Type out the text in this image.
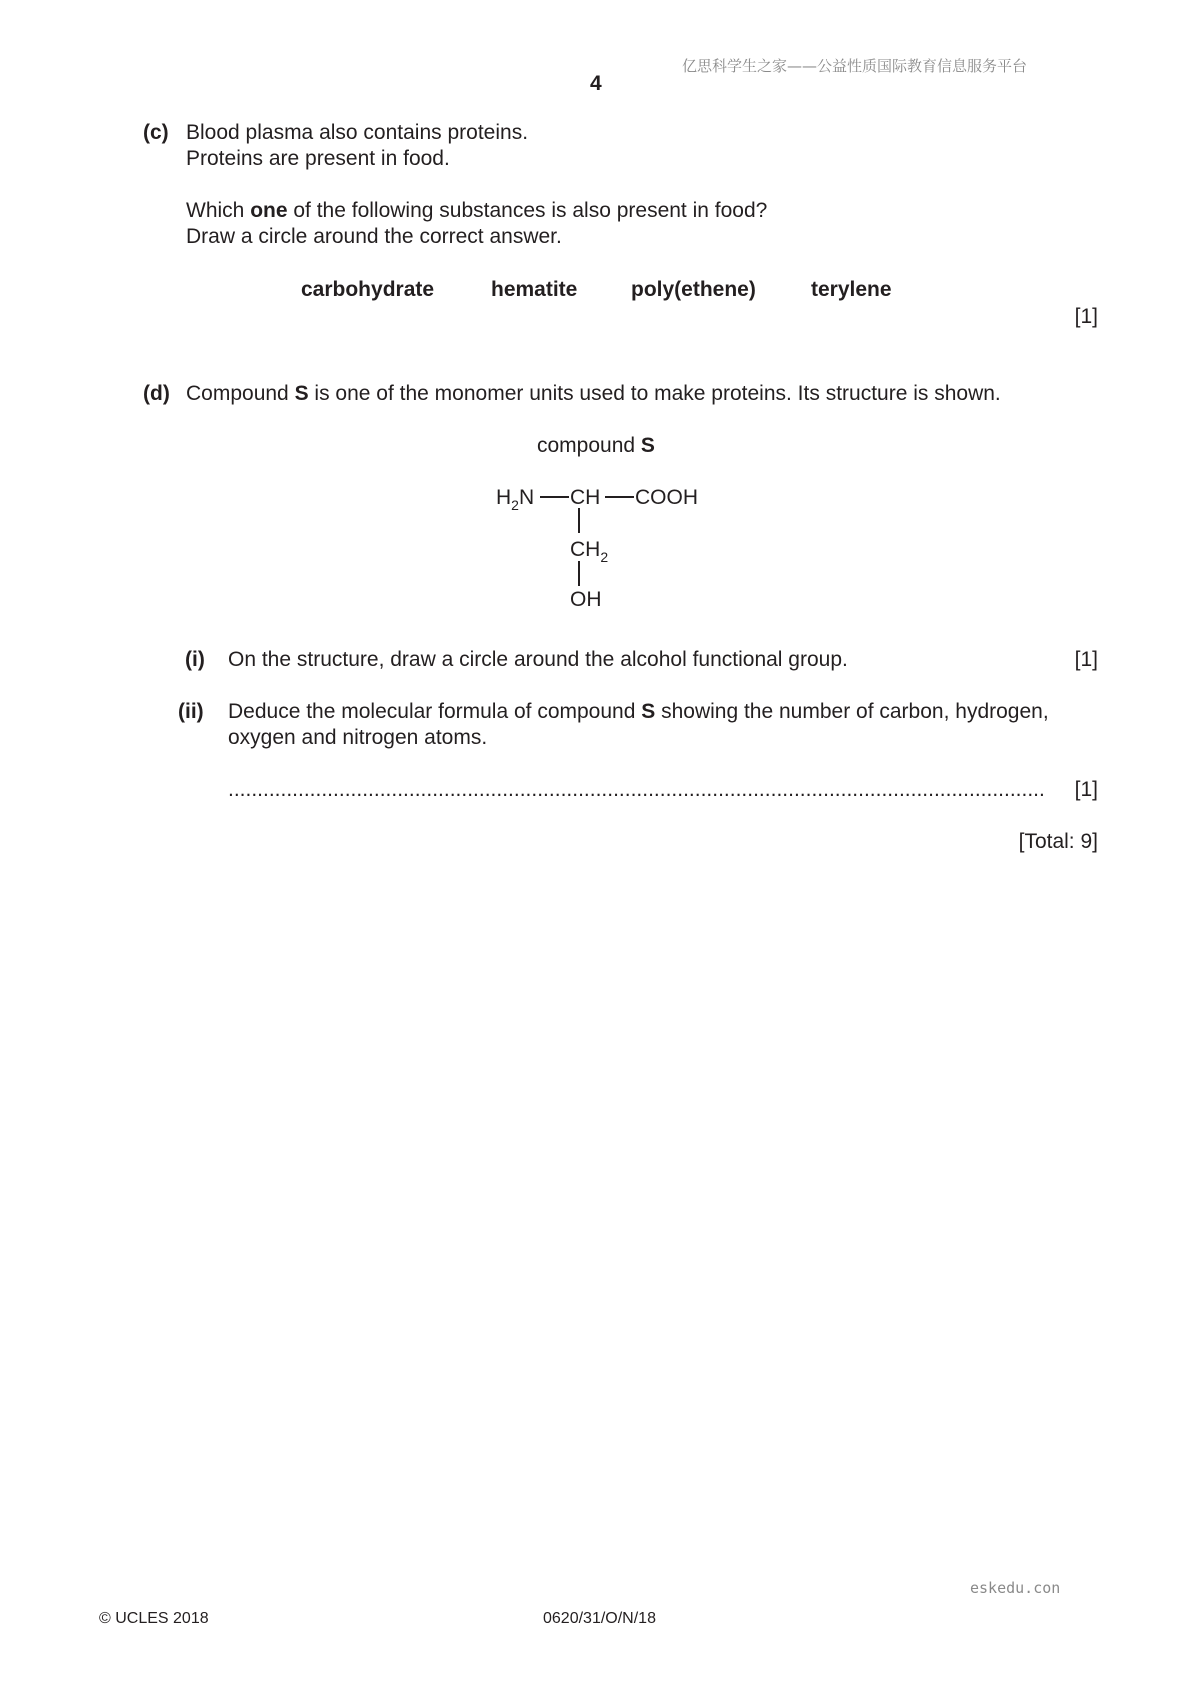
亿思科学生之家——公益性质国际教育信息服务平台
4
(c) Blood plasma also contains proteins.
Proteins are present in food.
Which one of the following substances is also present in food?
Draw a circle around the correct answer.
carbohydrate	hematite	poly(ethene)	terylene
[1]
(d) Compound S is one of the monomer units used to make proteins. Its structure is shown.
compound S
$H_2N$ CH COOH
$CH_2$
OH
(i) On the structure, draw a circle around the alcohol functional group.	[1]
(ii) Deduce the molecular formula of compound S showing the number of carbon, hydrogen,
oxygen and nitrogen atoms.
............................................................................................................................................	[1]
[Total: 9]
eskedu.con
© UCLES 2018	0620/31/O/N/18
